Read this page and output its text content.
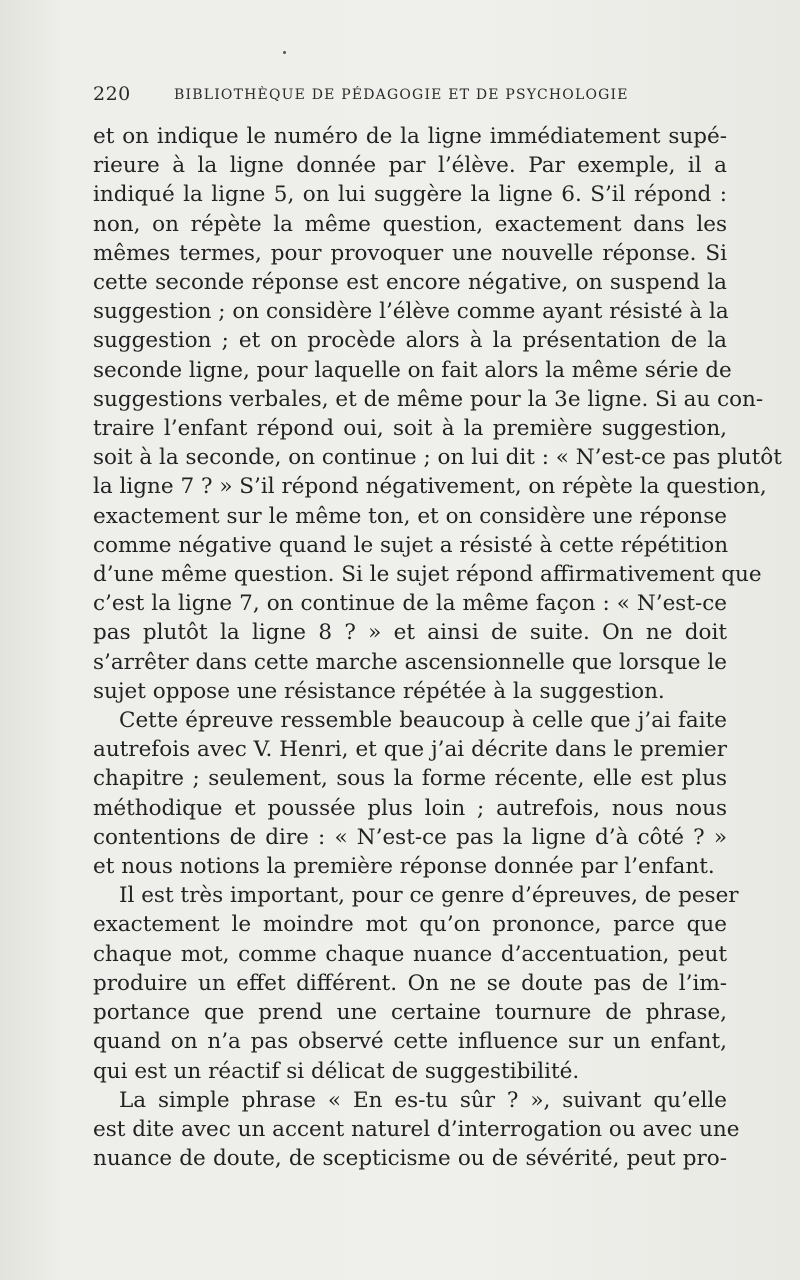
220	BIBLIOTHÈQUE DE PÉDAGOGIE ET DE PSYCHOLOGIE

et on indique le numéro de la ligne immédiatement supé-
rieure à la ligne donnée par l’élève. Par exemple, il a
indiqué la ligne 5, on lui suggère la ligne 6. S’il répond :
non, on répète la même question, exactement dans les
mêmes termes, pour provoquer une nouvelle réponse. Si
cette seconde réponse est encore négative, on suspend la
suggestion ; on considère l’élève comme ayant résisté à la
suggestion ; et on procède alors à la présentation de la
seconde ligne, pour laquelle on fait alors la même série de
suggestions verbales, et de même pour la 3e ligne. Si au con-
traire l’enfant répond oui, soit à la première suggestion,
soit à la seconde, on continue ; on lui dit : « N’est-ce pas plutôt
la ligne 7 ? » S’il répond négativement, on répète la question,
exactement sur le même ton, et on considère une réponse
comme négative quand le sujet a résisté à cette répétition
d’une même question. Si le sujet répond affirmativement que
c’est la ligne 7, on continue de la même façon : « N’est-ce
pas plutôt la ligne 8 ? » et ainsi de suite. On ne doit
s’arrêter dans cette marche ascensionnelle que lorsque le
sujet oppose une résistance répétée à la suggestion.

Cette épreuve ressemble beaucoup à celle que j’ai faite
autrefois avec V. Henri, et que j’ai décrite dans le premier
chapitre ; seulement, sous la forme récente, elle est plus
méthodique et poussée plus loin ; autrefois, nous nous
contentions de dire : « N’est-ce pas la ligne d’à côté ? »
et nous notions la première réponse donnée par l’enfant.

Il est très important, pour ce genre d’épreuves, de peser
exactement le moindre mot qu’on prononce, parce que
chaque mot, comme chaque nuance d’accentuation, peut
produire un effet différent. On ne se doute pas de l’im-
portance que prend une certaine tournure de phrase,
quand on n’a pas observé cette influence sur un enfant,
qui est un réactif si délicat de suggestibilité.

La simple phrase « En es-tu sûr ? », suivant qu’elle
est dite avec un accent naturel d’interrogation ou avec une
nuance de doute, de scepticisme ou de sévérité, peut pro-
